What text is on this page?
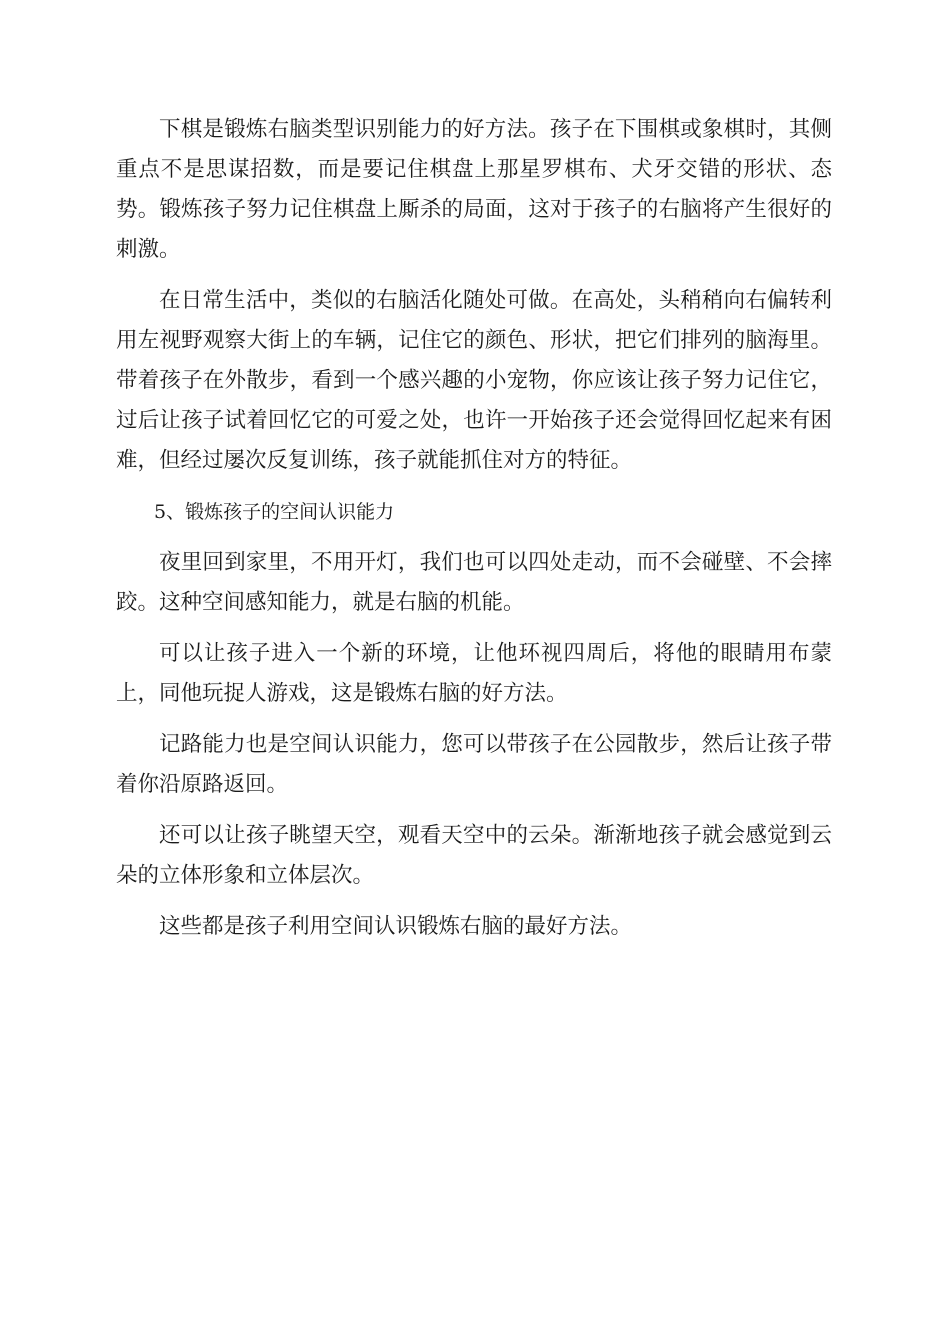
下棋是锻炼右脑类型识别能力的好方法。孩子在下围棋或象棋时，其侧重点不是思谋招数，而是要记住棋盘上那星罗棋布、犬牙交错的形状、态势。锻炼孩子努力记住棋盘上厮杀的局面，这对于孩子的右脑将产生很好的刺激。

在日常生活中，类似的右脑活化随处可做。在高处，头稍稍向右偏转利用左视野观察大街上的车辆，记住它的颜色、形状，把它们排列的脑海里。带着孩子在外散步，看到一个感兴趣的小宠物，你应该让孩子努力记住它，过后让孩子试着回忆它的可爱之处，也许一开始孩子还会觉得回忆起来有困难，但经过屡次反复训练，孩子就能抓住对方的特征。

5、锻炼孩子的空间认识能力

夜里回到家里，不用开灯，我们也可以四处走动，而不会碰壁、不会摔跤。这种空间感知能力，就是右脑的机能。

可以让孩子进入一个新的环境，让他环视四周后，将他的眼睛用布蒙上，同他玩捉人游戏，这是锻炼右脑的好方法。

记路能力也是空间认识能力，您可以带孩子在公园散步，然后让孩子带着你沿原路返回。

还可以让孩子眺望天空，观看天空中的云朵。渐渐地孩子就会感觉到云朵的立体形象和立体层次。

这些都是孩子利用空间认识锻炼右脑的最好方法。
